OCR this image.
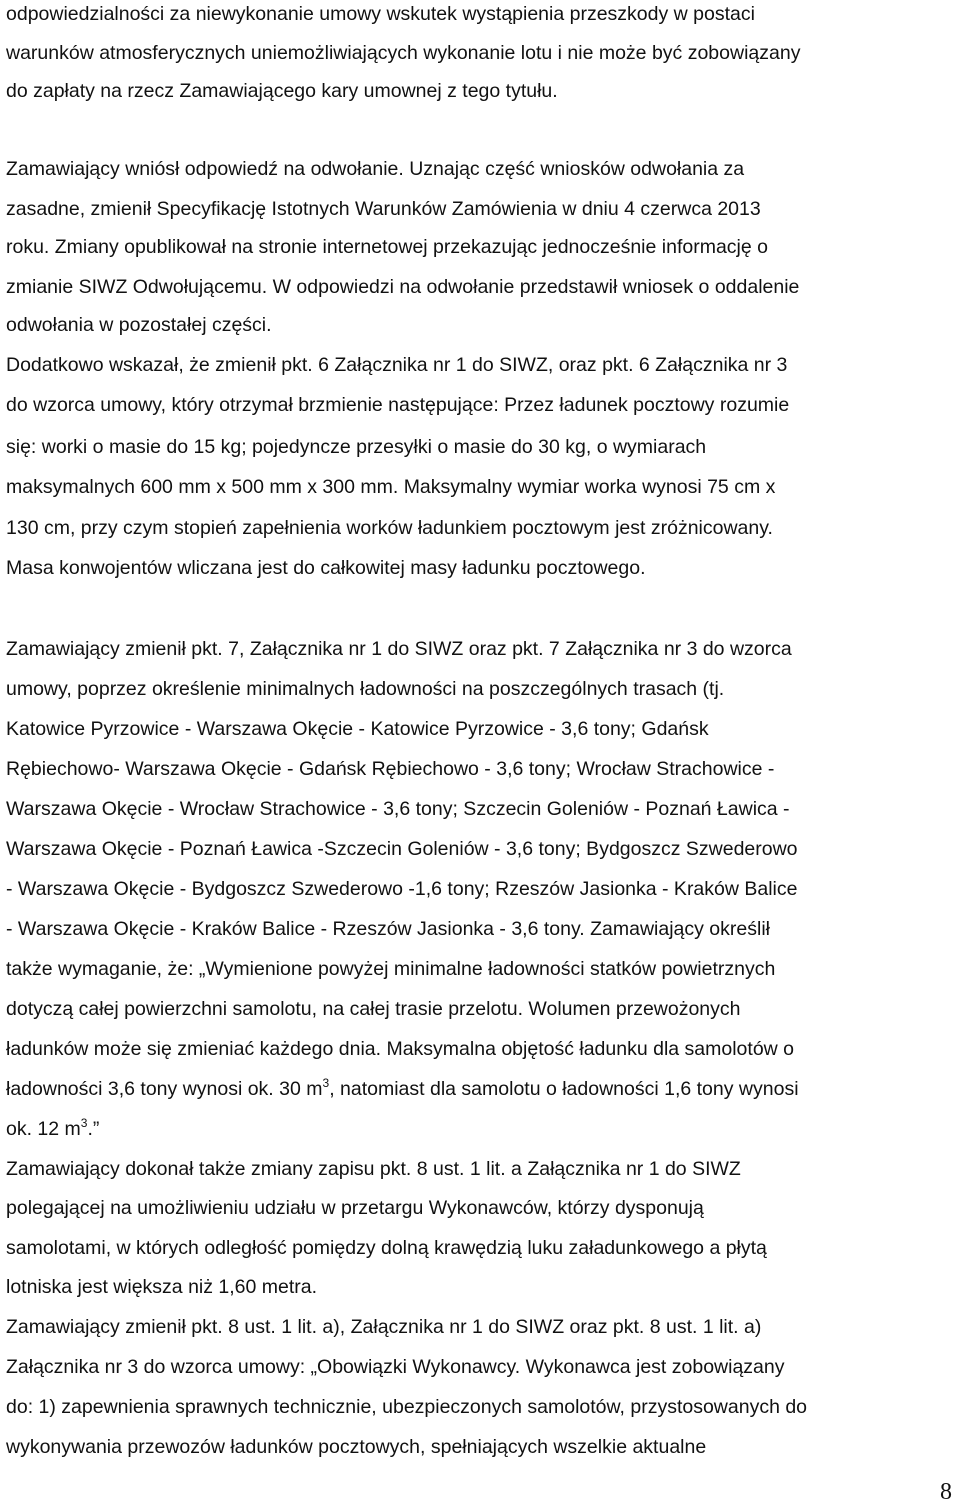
odpowiedzialności za niewykonanie umowy wskutek wystąpienia przeszkody w postaci
warunków atmosferycznych uniemożliwiających wykonanie lotu i nie może być zobowiązany
do zapłaty na rzecz Zamawiającego kary umownej z tego tytułu.
Zamawiający wniósł odpowiedź na odwołanie. Uznając część wniosków odwołania za
zasadne, zmienił Specyfikację Istotnych Warunków Zamówienia w dniu 4 czerwca 2013
roku. Zmiany opublikował na stronie internetowej przekazując jednocześnie informację o
zmianie SIWZ Odwołującemu. W odpowiedzi na odwołanie przedstawił wniosek o oddalenie
odwołania w pozostałej części.
Dodatkowo wskazał, że zmienił pkt. 6 Załącznika nr 1 do SIWZ, oraz pkt. 6 Załącznika nr 3
do wzorca umowy, który otrzymał brzmienie następujące: Przez ładunek pocztowy rozumie
się: worki o masie do 15 kg; pojedyncze przesyłki o masie do 30 kg, o wymiarach
maksymalnych 600 mm x 500 mm x 300 mm. Maksymalny wymiar worka wynosi 75 cm x
130 cm, przy czym stopień zapełnienia worków ładunkiem pocztowym jest zróżnicowany.
Masa konwojentów wliczana jest do całkowitej masy ładunku pocztowego.
Zamawiający zmienił pkt. 7, Załącznika nr 1 do SIWZ oraz pkt. 7 Załącznika nr 3 do wzorca
umowy, poprzez określenie minimalnych ładowności na poszczególnych trasach (tj.
Katowice Pyrzowice - Warszawa Okęcie - Katowice Pyrzowice - 3,6 tony; Gdańsk
Rębiechowo- Warszawa Okęcie - Gdańsk Rębiechowo - 3,6 tony; Wrocław Strachowice -
Warszawa Okęcie - Wrocław Strachowice - 3,6 tony; Szczecin Goleniów - Poznań Ławica -
Warszawa Okęcie - Poznań Ławica -Szczecin Goleniów - 3,6 tony; Bydgoszcz Szwederowo
- Warszawa Okęcie - Bydgoszcz Szwederowo -1,6 tony; Rzeszów Jasionka - Kraków Balice
- Warszawa Okęcie - Kraków Balice - Rzeszów Jasionka - 3,6 tony. Zamawiający określił
także wymaganie, że: „Wymienione powyżej minimalne ładowności statków powietrznych
dotyczą całej powierzchni samolotu, na całej trasie przelotu. Wolumen przewożonych
ładunków może się zmieniać każdego dnia. Maksymalna objętość ładunku dla samolotów o
ładowności 3,6 tony wynosi ok. 30 $m^3$, natomiast dla samolotu o ładowności 1,6 tony wynosi
ok. 12 $m^3$.”
Zamawiający dokonał także zmiany zapisu pkt. 8 ust. 1 lit. a Załącznika nr 1 do SIWZ
polegającej na umożliwieniu udziału w przetargu Wykonawców, którzy dysponują
samolotami, w których odległość pomiędzy dolną krawędzią luku załadunkowego a płytą
lotniska jest większa niż 1,60 metra.
Zamawiający zmienił pkt. 8 ust. 1 lit. a), Załącznika nr 1 do SIWZ oraz pkt. 8 ust. 1 lit. a)
Załącznika nr 3 do wzorca umowy: „Obowiązki Wykonawcy. Wykonawca jest zobowiązany
do: 1) zapewnienia sprawnych technicznie, ubezpieczonych samolotów, przystosowanych do
wykonywania przewozów ładunków pocztowych, spełniających wszelkie aktualne
8
